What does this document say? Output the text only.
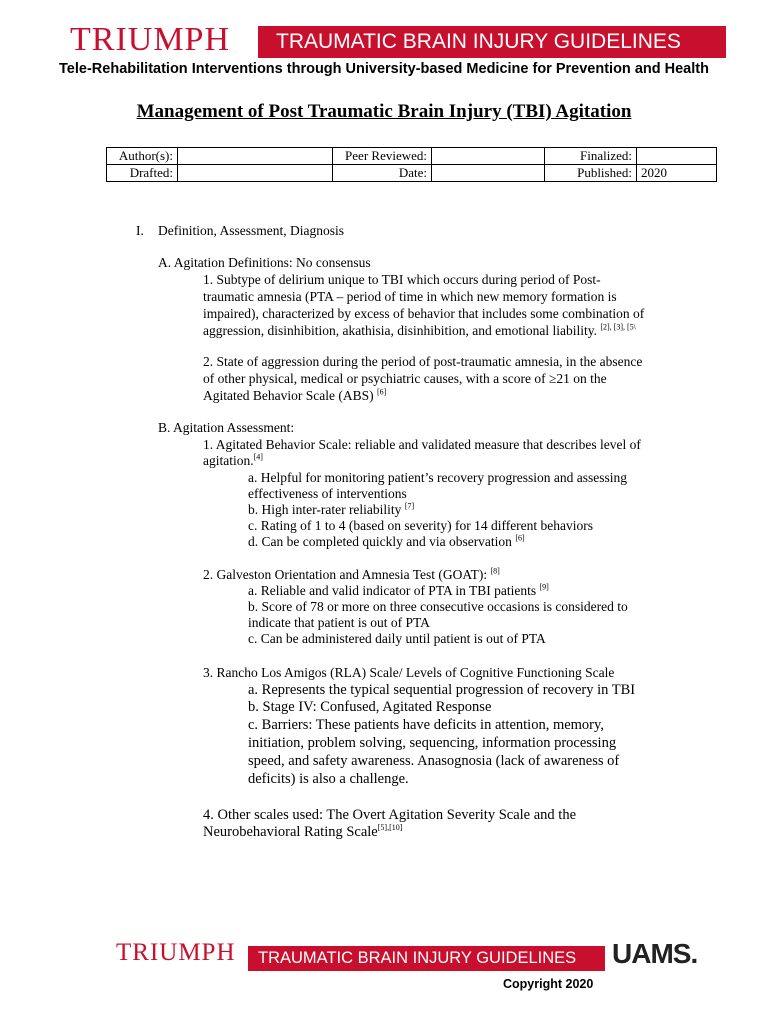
TRIUMPH	TRAUMATIC BRAIN INJURY GUIDELINES
Tele-Rehabilitation Interventions through University-based Medicine for Prevention and Health
Management of Post Traumatic Brain Injury (TBI) Agitation
Author(s):		Peer Reviewed:		Finalized:	
Drafted:		Date:		Published:	2020
I. Definition, Assessment, Diagnosis
A. Agitation Definitions: No consensus
1. Subtype of delirium unique to TBI which occurs during period of Post-
traumatic amnesia (PTA – period of time in which new memory formation is
impaired), characterized by excess of behavior that includes some combination of
aggression, disinhibition, akathisia, disinhibition, and emotional liability. $^{[2], [3], [5\backslash}$
2. State of aggression during the period of post-traumatic amnesia, in the absence
of other physical, medical or psychiatric causes, with a score of ≥21 on the
Agitated Behavior Scale (ABS) [6]
B. Agitation Assessment:
1. Agitated Behavior Scale: reliable and validated measure that describes level of
agitation.[4]
a. Helpful for monitoring patient’s recovery progression and assessing
effectiveness of interventions
b. High inter-rater reliability [7]
c. Rating of 1 to 4 (based on severity) for 14 different behaviors
d. Can be completed quickly and via observation [6]
2. Galveston Orientation and Amnesia Test (GOAT): [8]
a. Reliable and valid indicator of PTA in TBI patients [9]
b. Score of 78 or more on three consecutive occasions is considered to
indicate that patient is out of PTA
c. Can be administered daily until patient is out of PTA
3. Rancho Los Amigos (RLA) Scale/ Levels of Cognitive Functioning Scale
a. Represents the typical sequential progression of recovery in TBI
b. Stage IV: Confused, Agitated Response
c. Barriers: These patients have deficits in attention, memory,
initiation, problem solving, sequencing, information processing
speed, and safety awareness. Anasognosia (lack of awareness of
deficits) is also a challenge.
4. Other scales used: The Overt Agitation Severity Scale and the
Neurobehavioral Rating Scale[5],[10]
TRIUMPH	TRAUMATIC BRAIN INJURY GUIDELINES 2020
UAMS.
Copyright 2020
